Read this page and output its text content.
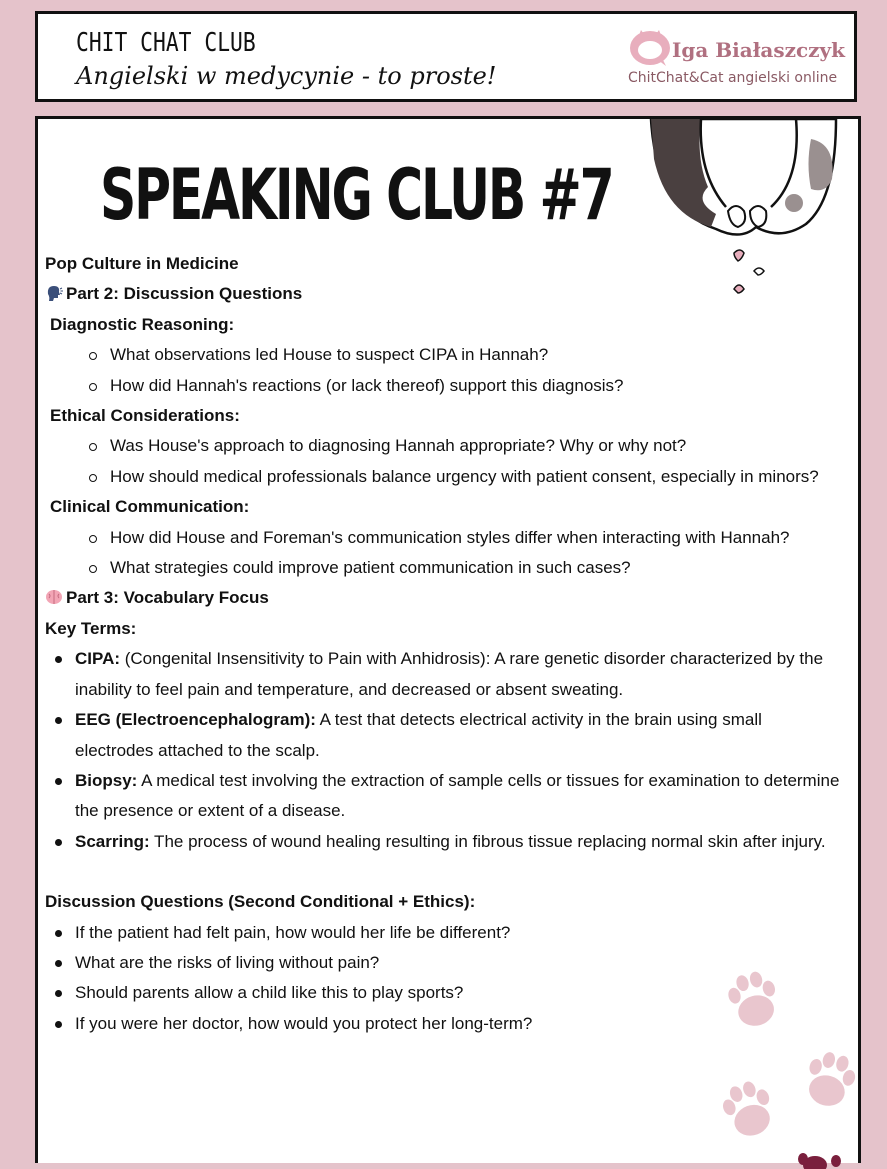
CHIT CHAT CLUB
Angielski w medycynie - to proste!
Iga Białaszczyk
ChitChat&Cat angielski online
SPEAKING CLUB #7

Pop Culture in Medicine

Part 2: Discussion Questions

Diagnostic Reasoning:

What observations led House to suspect CIPA in Hannah?
How did Hannah's reactions (or lack thereof) support this diagnosis?

Ethical Considerations:

Was House's approach to diagnosing Hannah appropriate? Why or why not?
How should medical professionals balance urgency with patient consent, especially in minors?

Clinical Communication:

How did House and Foreman's communication styles differ when interacting with Hannah?
What strategies could improve patient communication in such cases?

Part 3: Vocabulary Focus

Key Terms:

CIPA: (Congenital Insensitivity to Pain with Anhidrosis): A rare genetic disorder characterized by the inability to feel pain and temperature, and decreased or absent sweating.
EEG (Electroencephalogram): A test that detects electrical activity in the brain using small electrodes attached to the scalp.
Biopsy: A medical test involving the extraction of sample cells or tissues for examination to determine the presence or extent of a disease.
Scarring: The process of wound healing resulting in fibrous tissue replacing normal skin after injury.

Discussion Questions (Second Conditional + Ethics):

If the patient had felt pain, how would her life be different?
What are the risks of living without pain?
Should parents allow a child like this to play sports?
If you were her doctor, how would you protect her long-term?
